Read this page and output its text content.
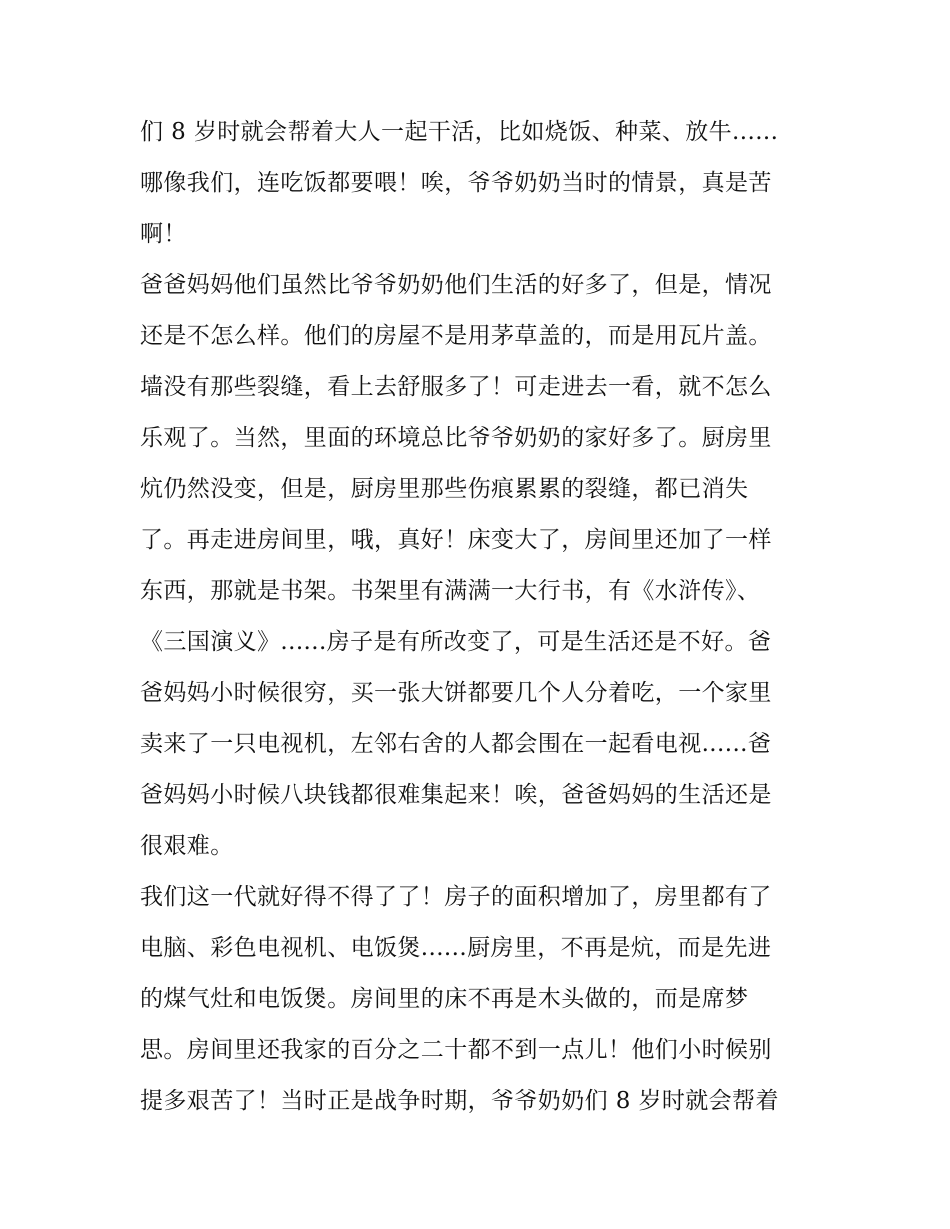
们 8 岁时就会帮着大人一起干活，比如烧饭、种菜、放牛......
哪像我们，连吃饭都要喂！唉，爷爷奶奶当时的情景，真是苦
啊！
爸爸妈妈他们虽然比爷爷奶奶他们生活的好多了，但是，情况
还是不怎么样。他们的房屋不是用茅草盖的，而是用瓦片盖。
墙没有那些裂缝，看上去舒服多了！可走进去一看，就不怎么
乐观了。当然，里面的环境总比爷爷奶奶的家好多了。厨房里
炕仍然没变，但是，厨房里那些伤痕累累的裂缝，都已消失
了。再走进房间里，哦，真好！床变大了，房间里还加了一样
东西，那就是书架。书架里有满满一大行书，有《水浒传》、
《三国演义》......房子是有所改变了，可是生活还是不好。爸
爸妈妈小时候很穷，买一张大饼都要几个人分着吃，一个家里
卖来了一只电视机，左邻右舍的人都会围在一起看电视......爸
爸妈妈小时候八块钱都很难集起来！唉，爸爸妈妈的生活还是
很艰难。
我们这一代就好得不得了了！房子的面积增加了，房里都有了
电脑、彩色电视机、电饭煲......厨房里，不再是炕，而是先进
的煤气灶和电饭煲。房间里的床不再是木头做的，而是席梦
思。房间里还我家的百分之二十都不到一点儿！他们小时候别
提多艰苦了！当时正是战争时期，爷爷奶奶们 8 岁时就会帮着
